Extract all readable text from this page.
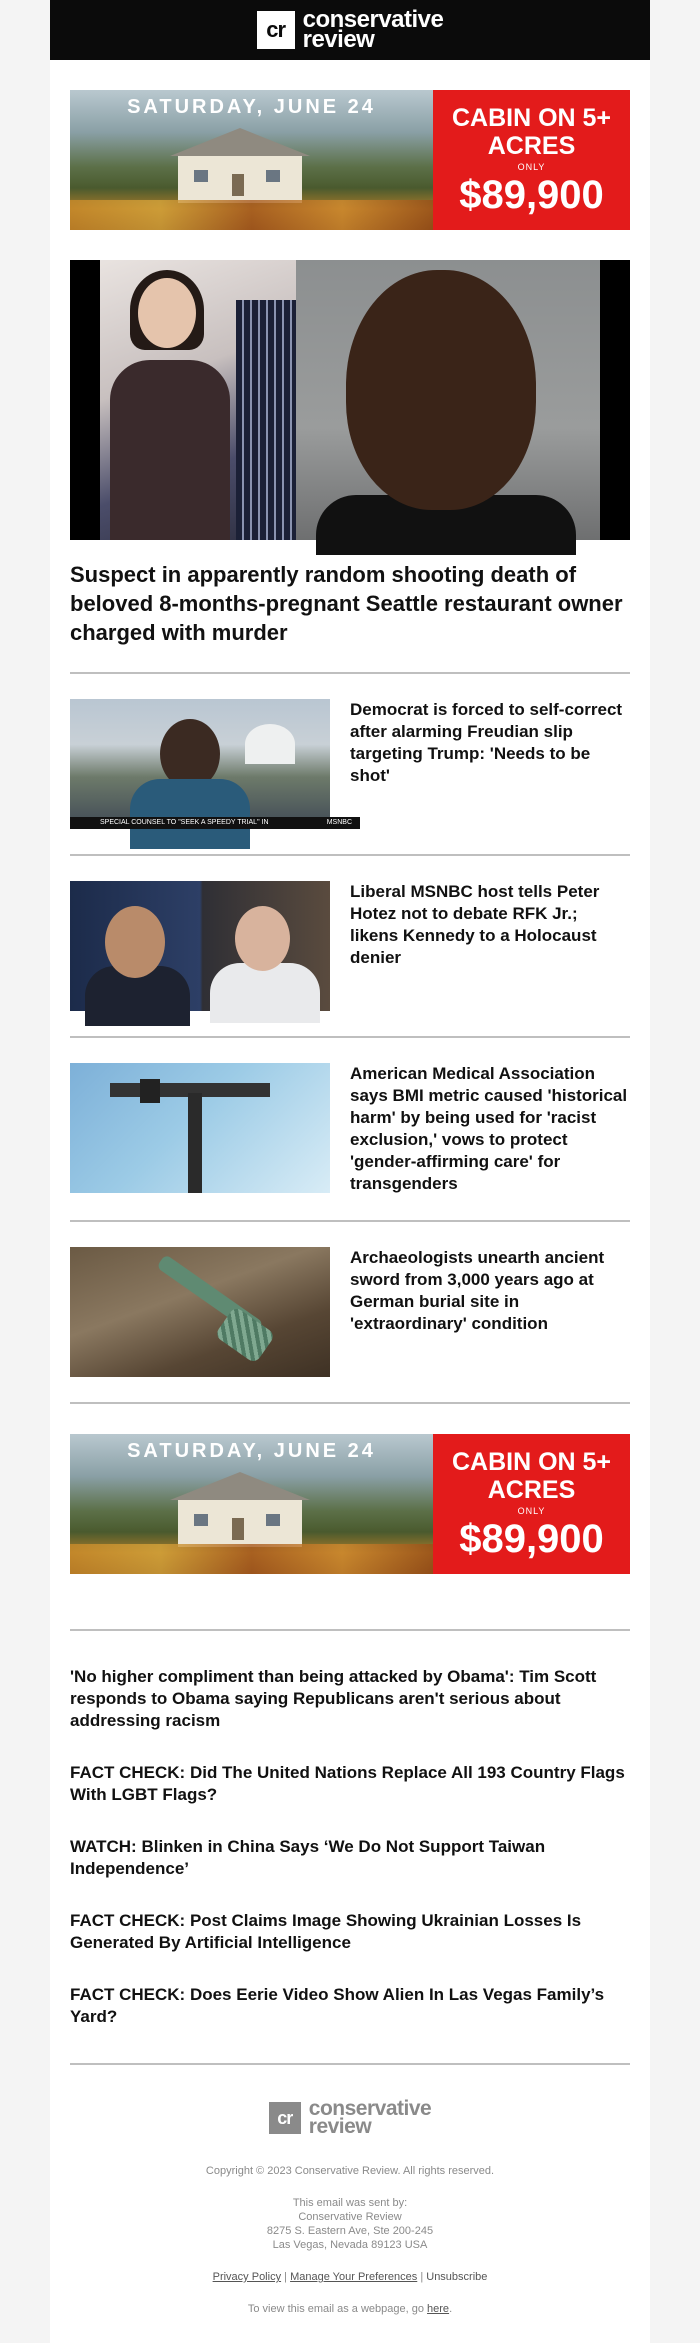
cr conservative
review
SATURDAY, JUNE 24	CABIN ON 5+
ACRES
ONLY
$89,900
Suspect in apparently random shooting death of beloved 8-months-pregnant Seattle restaurant owner charged with murder
SPECIAL COUNSEL TO "SEEK A SPEEDY TRIAL" IN	MSNBC
Democrat is forced to self-correct after alarming Freudian slip targeting Trump: 'Needs to be shot'
Liberal MSNBC host tells Peter Hotez not to debate RFK Jr.; likens Kennedy to a Holocaust denier
American Medical Association says BMI metric caused 'historical harm' by being used for 'racist exclusion,' vows to protect 'gender-affirming care' for transgenders
Archaeologists unearth ancient sword from 3,000 years ago at German burial site in 'extraordinary' condition
SATURDAY, JUNE 24	CABIN ON 5+
ACRES
ONLY
$89,900
'No higher compliment than being attacked by Obama': Tim Scott responds to Obama saying Republicans aren't serious about addressing racism
FACT CHECK: Did The United Nations Replace All 193 Country Flags With LGBT Flags?
WATCH: Blinken in China Says ‘We Do Not Support Taiwan Independence’
FACT CHECK: Post Claims Image Showing Ukrainian Losses Is Generated By Artificial Intelligence
FACT CHECK: Does Eerie Video Show Alien In Las Vegas Family’s Yard?
cr conservative
review
Copyright © 2023 Conservative Review. All rights reserved.
This email was sent by:
Conservative Review
8275 S. Eastern Ave, Ste 200-245
Las Vegas, Nevada 89123 USA
Privacy Policy | Manage Your Preferences | Unsubscribe
To view this email as a webpage, go here.
